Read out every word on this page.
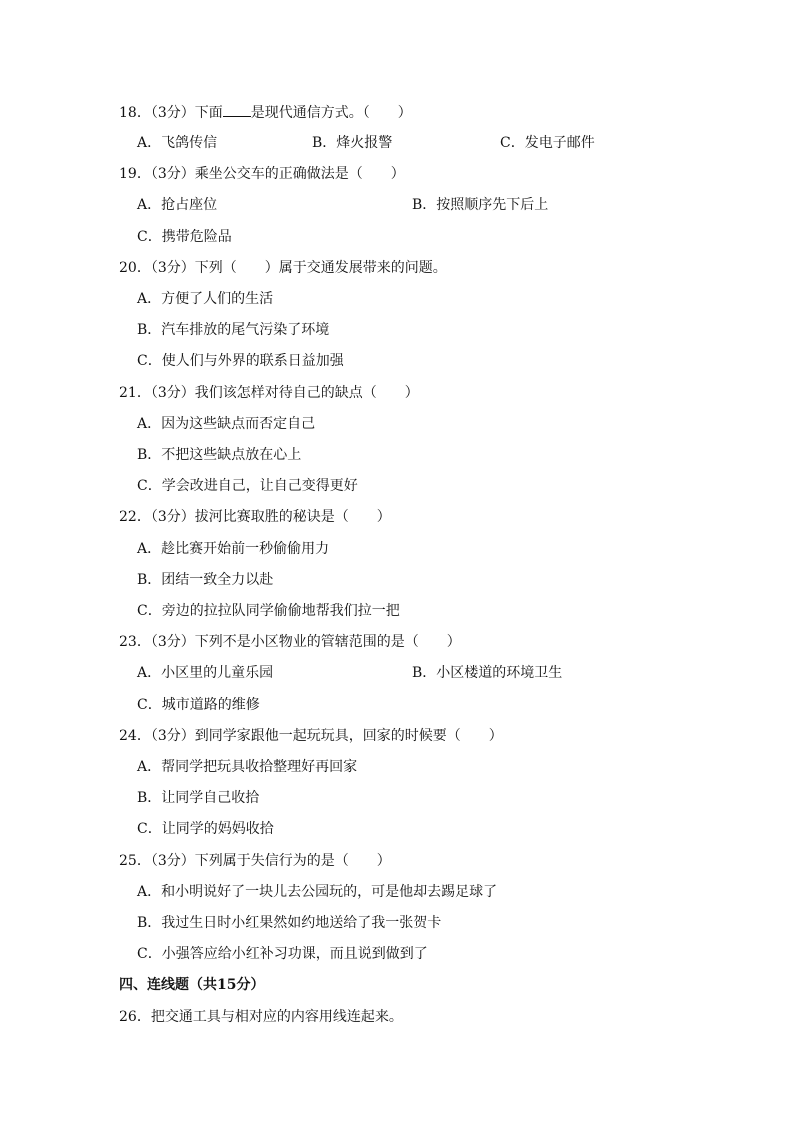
18．（3分）下面 是现代通信方式。（　　）
A．飞鸽传信	B．烽火报警	C．发电子邮件
19．（3分）乘坐公交车的正确做法是（　　）
A．抢占座位	B．按照顺序先下后上
C．携带危险品
20．（3分）下列（　　）属于交通发展带来的问题。
A．方便了人们的生活
B．汽车排放的尾气污染了环境
C．使人们与外界的联系日益加强
21．（3分）我们该怎样对待自己的缺点（　　）
A．因为这些缺点而否定自己
B．不把这些缺点放在心上
C．学会改进自己，让自己变得更好
22．（3分）拔河比赛取胜的秘诀是（　　）
A．趁比赛开始前一秒偷偷用力
B．团结一致全力以赴
C．旁边的拉拉队同学偷偷地帮我们拉一把
23．（3分）下列不是小区物业的管辖范围的是（　　）
A．小区里的儿童乐园	B．小区楼道的环境卫生
C．城市道路的维修
24．（3分）到同学家跟他一起玩玩具，回家的时候要（　　）
A．帮同学把玩具收拾整理好再回家
B．让同学自己收拾
C．让同学的妈妈收拾
25．（3分）下列属于失信行为的是（　　）
A．和小明说好了一块儿去公园玩的，可是他却去踢足球了
B．我过生日时小红果然如约地送给了我一张贺卡
C．小强答应给小红补习功课，而且说到做到了
四、连线题（共15分）
26．把交通工具与相对应的内容用线连起来。
